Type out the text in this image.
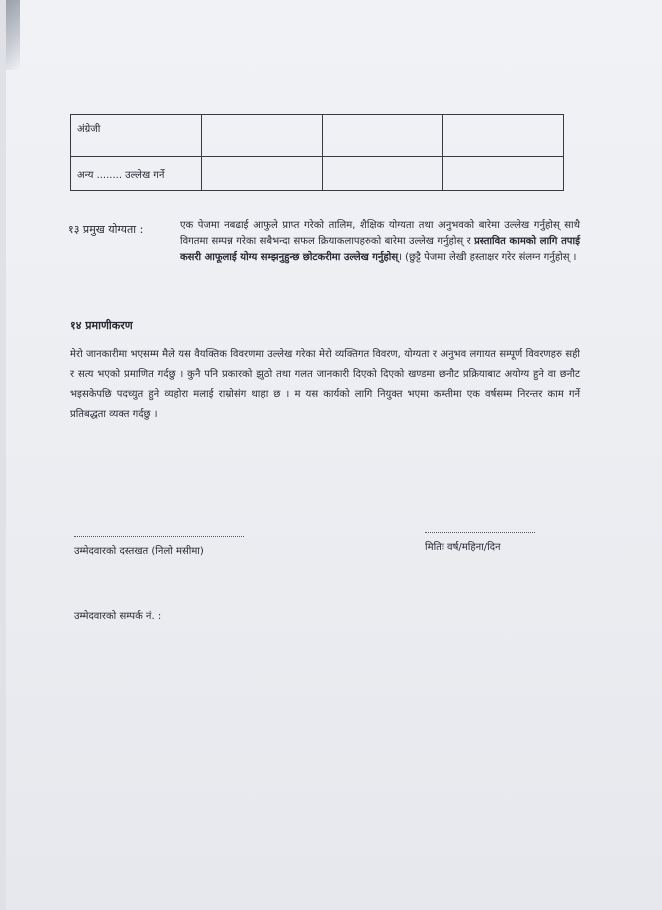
अंग्रेजी			
अन्य ........ उल्लेख गर्ने			
१३ प्रमुख योग्यता :	एक पेजमा नबढाई आफुले प्राप्त गरेको तालिम, शैक्षिक योग्यता तथा अनुभवको बारेमा उल्लेख गर्नुहोस् साथै विगतमा सम्पन्न गरेका सबैभन्दा सफल क्रियाकलापहरुको बारेमा उल्लेख गर्नुहोस् र प्रस्तावित कामको लागि तपाई कसरी आफूलाई योग्य सम्झनुहुन्छ छोटकरीमा उल्लेख गर्नुहोस्। (छुट्टै पेजमा लेखी हस्ताक्षर गरेर संलग्न गर्नुहोस् ।
१४ प्रमाणीकरण
मेरो जानकारीमा भएसम्म मैले यस वैयक्तिक विवरणमा उल्लेख गरेका मेरो व्यक्तिगत विवरण, योग्यता र अनुभव लगायत सम्पूर्ण विवरणहरु सही र सत्य भएको प्रमाणित गर्दछु । कुनै पनि प्रकारको झुठो तथा गलत जानकारी दिएको दिएको खण्डमा छनौट प्रक्रियाबाट अयोग्य हुने वा छनौट भइसकेपछि पदच्युत हुने व्यहोरा मलाई राम्रोसंग थाहा छ । म यस कार्यको लागि नियुक्त भएमा कम्तीमा एक वर्षसम्म निरन्तर काम गर्ने प्रतिबद्धता व्यक्त गर्दछु ।
उम्मेदवारको दस्तखत (निलो मसीमा)	मितिः वर्ष/महिना/दिन
उम्मेदवारको सम्पर्क नं. :
